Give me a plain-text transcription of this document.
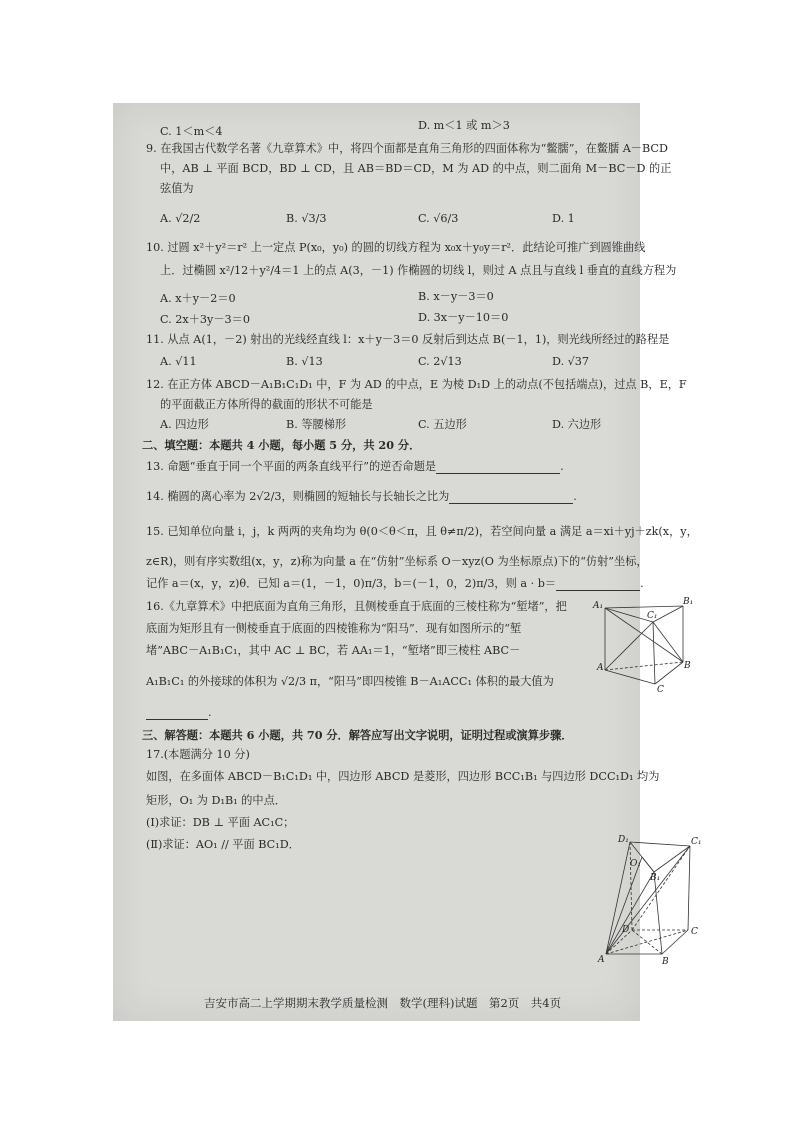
C. 1＜m＜4	D. m＜1 或 m＞3
9. 在我国古代数学名著《九章算术》中，将四个面都是直角三角形的四面体称为“鳖臑”，在鳖臑 A－BCD
中，AB ⊥ 平面 BCD，BD ⊥ CD，且 AB＝BD＝CD，M 为 AD 的中点，则二面角 M－BC－D 的正
弦值为
A. √2/2	B. √3/3	C. √6/3	D. 1
10. 过圆 x²＋y²＝r² 上一定点 P(x₀，y₀) 的圆的切线方程为 x₀x＋y₀y＝r²．此结论可推广到圆锥曲线
上．过椭圆 x²/12＋y²/4＝1 上的点 A(3，－1) 作椭圆的切线 l，则过 A 点且与直线 l 垂直的直线方程为
A. x＋y－2＝0	B. x－y－3＝0
C. 2x＋3y－3＝0	D. 3x－y－10＝0
11. 从点 A(1，－2) 射出的光线经直线 l：x＋y－3＝0 反射后到达点 B(－1，1)，则光线所经过的路程是
A. √11	B. √13	C. 2√13	D. √37
12. 在正方体 ABCD－A₁B₁C₁D₁ 中，F 为 AD 的中点，E 为棱 D₁D 上的动点(不包括端点)，过点 B，E，F
的平面截正方体所得的截面的形状不可能是
A. 四边形	B. 等腰梯形	C. 五边形	D. 六边形
二、填空题：本题共 4 小题，每小题 5 分，共 20 分．
13. 命题“垂直于同一个平面的两条直线平行”的逆否命题是	.
14. 椭圆的离心率为 2√2/3，则椭圆的短轴长与长轴长之比为	.
15. 已知单位向量 i，j，k 两两的夹角均为 θ(0＜θ＜π，且 θ≠π/2)，若空间向量 a 满足 a＝xi＋yj＋zk(x，y，
z∈R)，则有序实数组(x，y，z)称为向量 a 在“仿射”坐标系 O－xyz(O 为坐标原点)下的“仿射”坐标，
记作 a＝(x，y，z)θ．已知 a＝(1，－1，0)π/3，b＝(－1，0，2)π/3，则 a · b＝	.
16.《九章算术》中把底面为直角三角形，且侧棱垂直于底面的三棱柱称为“堑堵”，把
底面为矩形且有一侧棱垂直于底面的四棱锥称为“阳马”．现有如图所示的“堑
堵”ABC－A₁B₁C₁，其中 AC ⊥ BC，若 AA₁＝1，“堑堵”即三棱柱 ABC－
A₁B₁C₁ 的外接球的体积为 √2/3 π，“阳马”即四棱锥 B－A₁ACC₁ 体积的最大值为
.
A₁
C₁
B₁
A	B
C
三、解答题：本题共 6 小题，共 70 分．解答应写出文字说明，证明过程或演算步骤．
17.(本题满分 10 分)
如图，在多面体 ABCD－B₁C₁D₁ 中，四边形 ABCD 是菱形，四边形 BCC₁B₁ 与四边形 DCC₁D₁ 均为
矩形，O₁ 为 D₁B₁ 的中点．
(Ⅰ)求证：DB ⊥ 平面 AC₁C；
(Ⅱ)求证：AO₁ // 平面 BC₁D．	D₁	C₁
O₁
B₁
D	C
A	B
吉安市高二上学期期末教学质量检测　数学(理科)试题　第2页　共4页
